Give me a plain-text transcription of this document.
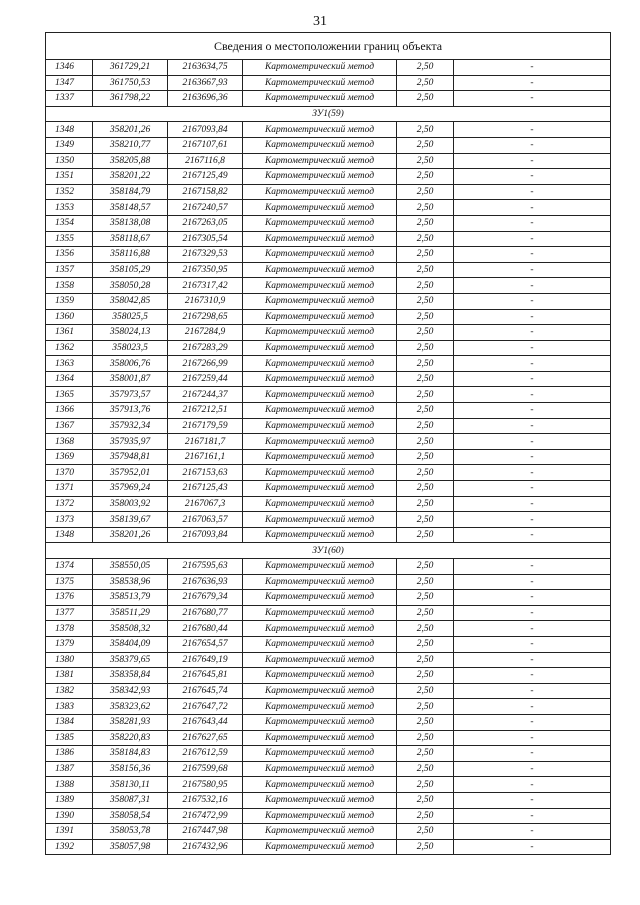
31
Сведения о местоположении границ объекта					
1346	361729,21	2163634,75	Картометрический метод	2,50	-
1347	361750,53	2163667,93	Картометрический метод	2,50	-
1337	361798,22	2163696,36	Картометрический метод	2,50	-
ЗУ1(59)					
1348	358201,26	2167093,84	Картометрический метод	2,50	-
1349	358210,77	2167107,61	Картометрический метод	2,50	-
1350	358205,88	2167116,8	Картометрический метод	2,50	-
1351	358201,22	2167125,49	Картометрический метод	2,50	-
1352	358184,79	2167158,82	Картометрический метод	2,50	-
1353	358148,57	2167240,57	Картометрический метод	2,50	-
1354	358138,08	2167263,05	Картометрический метод	2,50	-
1355	358118,67	2167305,54	Картометрический метод	2,50	-
1356	358116,88	2167329,53	Картометрический метод	2,50	-
1357	358105,29	2167350,95	Картометрический метод	2,50	-
1358	358050,28	2167317,42	Картометрический метод	2,50	-
1359	358042,85	2167310,9	Картометрический метод	2,50	-
1360	358025,5	2167298,65	Картометрический метод	2,50	-
1361	358024,13	2167284,9	Картометрический метод	2,50	-
1362	358023,5	2167283,29	Картометрический метод	2,50	-
1363	358006,76	2167266,99	Картометрический метод	2,50	-
1364	358001,87	2167259,44	Картометрический метод	2,50	-
1365	357973,57	2167244,37	Картометрический метод	2,50	-
1366	357913,76	2167212,51	Картометрический метод	2,50	-
1367	357932,34	2167179,59	Картометрический метод	2,50	-
1368	357935,97	2167181,7	Картометрический метод	2,50	-
1369	357948,81	2167161,1	Картометрический метод	2,50	-
1370	357952,01	2167153,63	Картометрический метод	2,50	-
1371	357969,24	2167125,43	Картометрический метод	2,50	-
1372	358003,92	2167067,3	Картометрический метод	2,50	-
1373	358139,67	2167063,57	Картометрический метод	2,50	-
1348	358201,26	2167093,84	Картометрический метод	2,50	-
ЗУ1(60)					
1374	358550,05	2167595,63	Картометрический метод	2,50	-
1375	358538,96	2167636,93	Картометрический метод	2,50	-
1376	358513,79	2167679,34	Картометрический метод	2,50	-
1377	358511,29	2167680,77	Картометрический метод	2,50	-
1378	358508,32	2167680,44	Картометрический метод	2,50	-
1379	358404,09	2167654,57	Картометрический метод	2,50	-
1380	358379,65	2167649,19	Картометрический метод	2,50	-
1381	358358,84	2167645,81	Картометрический метод	2,50	-
1382	358342,93	2167645,74	Картометрический метод	2,50	-
1383	358323,62	2167647,72	Картометрический метод	2,50	-
1384	358281,93	2167643,44	Картометрический метод	2,50	-
1385	358220,83	2167627,65	Картометрический метод	2,50	-
1386	358184,83	2167612,59	Картометрический метод	2,50	-
1387	358156,36	2167599,68	Картометрический метод	2,50	-
1388	358130,11	2167580,95	Картометрический метод	2,50	-
1389	358087,31	2167532,16	Картометрический метод	2,50	-
1390	358058,54	2167472,99	Картометрический метод	2,50	-
1391	358053,78	2167447,98	Картометрический метод	2,50	-
1392	358057,98	2167432,96	Картометрический метод	2,50	-
